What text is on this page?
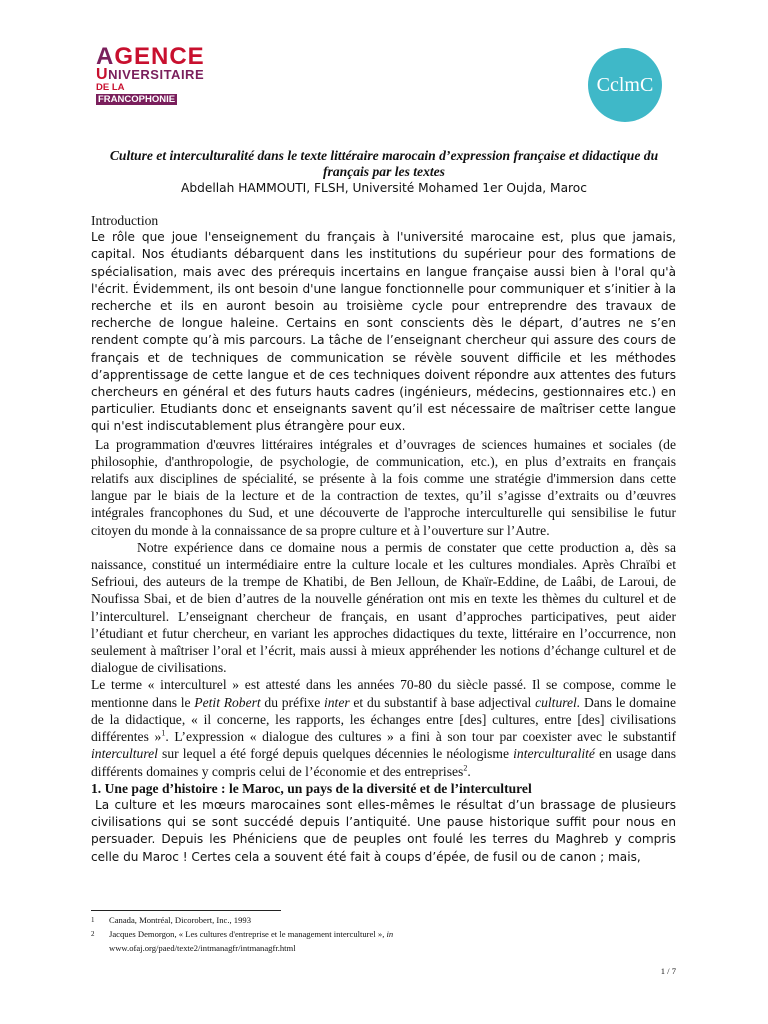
AGENCE
UNIVERSITAIRE
DE LA FRANCOPHONIE
CclmC
Culture et interculturalité dans le texte littéraire marocain d’expression française et didactique du français par les textes
Abdellah HAMMOUTI, FLSH, Université Mohamed 1er Oujda, Maroc

Introduction

Le rôle que joue l'enseignement du français à l'université marocaine est, plus que jamais, capital. Nos étudiants débarquent dans les institutions du supérieur pour des formations de spécialisation, mais avec des prérequis incertains en langue française aussi bien à l'oral qu'à l'écrit. Évidemment, ils ont besoin d'une langue fonctionnelle pour communiquer et s’initier à la recherche et ils en auront besoin au troisième cycle pour entreprendre des travaux de recherche de longue haleine. Certains en sont conscients dès le départ, d’autres ne s’en rendent compte qu’à mis parcours. La tâche de l’enseignant chercheur qui assure des cours de français et de techniques de communication se révèle souvent difficile et les méthodes d’apprentissage de cette langue et de ces techniques doivent répondre aux attentes des futurs chercheurs en général et des futurs hauts cadres (ingénieurs, médecins, gestionnaires etc.) en particulier. Etudiants donc et enseignants savent qu’il est nécessaire de maîtriser cette langue qui n'est indiscutablement plus étrangère pour eux.

La programmation d'œuvres littéraires intégrales et d’ouvrages de sciences humaines et sociales (de philosophie, d'anthropologie, de psychologie, de communication, etc.), en plus d’extraits en français relatifs aux disciplines de spécialité, se présente à la fois comme une stratégie d'immersion dans cette langue par le biais de la lecture et de la contraction de textes, qu’il s’agisse d’extraits ou d’œuvres intégrales francophones du Sud, et une découverte de l'approche interculturelle qui sensibilise le futur citoyen du monde à la connaissance de sa propre culture et à l’ouverture sur l’Autre.

Notre expérience dans ce domaine nous a permis de constater que cette production a, dès sa naissance, constitué un intermédiaire entre la culture locale et les cultures mondiales. Après Chraïbi et Sefrioui, des auteurs de la trempe de Khatibi, de Ben Jelloun, de Khaïr-Eddine, de Laâbi, de Laroui, de Noufissa Sbai, et de bien d’autres de la nouvelle génération ont mis en texte les thèmes du culturel et de l’interculturel. L’enseignant chercheur de français, en usant d’approches participatives, peut aider l’étudiant et futur chercheur, en variant les approches didactiques du texte, littéraire en l’occurrence, non seulement à maîtriser l’oral et l’écrit, mais aussi à mieux appréhender les notions d’échange culturel et de dialogue de civilisations.

Le terme « interculturel » est attesté dans les années 70-80 du siècle passé. Il se compose, comme le mentionne dans le Petit Robert du préfixe inter et du substantif à base adjectival culturel. Dans le domaine de la didactique, « il concerne, les rapports, les échanges entre [des] cultures, entre [des] civilisations différentes »$^1$. L’expression « dialogue des cultures » a fini à son tour par coexister avec le substantif interculturel sur lequel a été forgé depuis quelques décennies le néologisme interculturalité en usage dans différents domaines y compris celui de l’économie et des entreprises$^2$.

1. Une page d’histoire : le Maroc, un pays de la diversité et de l’interculturel

La culture et les mœurs marocaines sont elles-mêmes le résultat d’un brassage de plusieurs civilisations qui se sont succédé depuis l’antiquité. Une pause historique suffit pour nous en persuader. Depuis les Phéniciens que de peuples ont foulé les terres du Maghreb y compris celle du Maroc ! Certes cela a souvent été fait à coups d’épée, de fusil ou de canon ; mais,

1 Canada, Montréal, Dicorobert, Inc., 1993
2 Jacques Demorgon, « Les cultures d'entreprise et le management interculturel », in
www.ofaj.org/paed/texte2/intmanagfr/intmanagfr.html
1 / 7
